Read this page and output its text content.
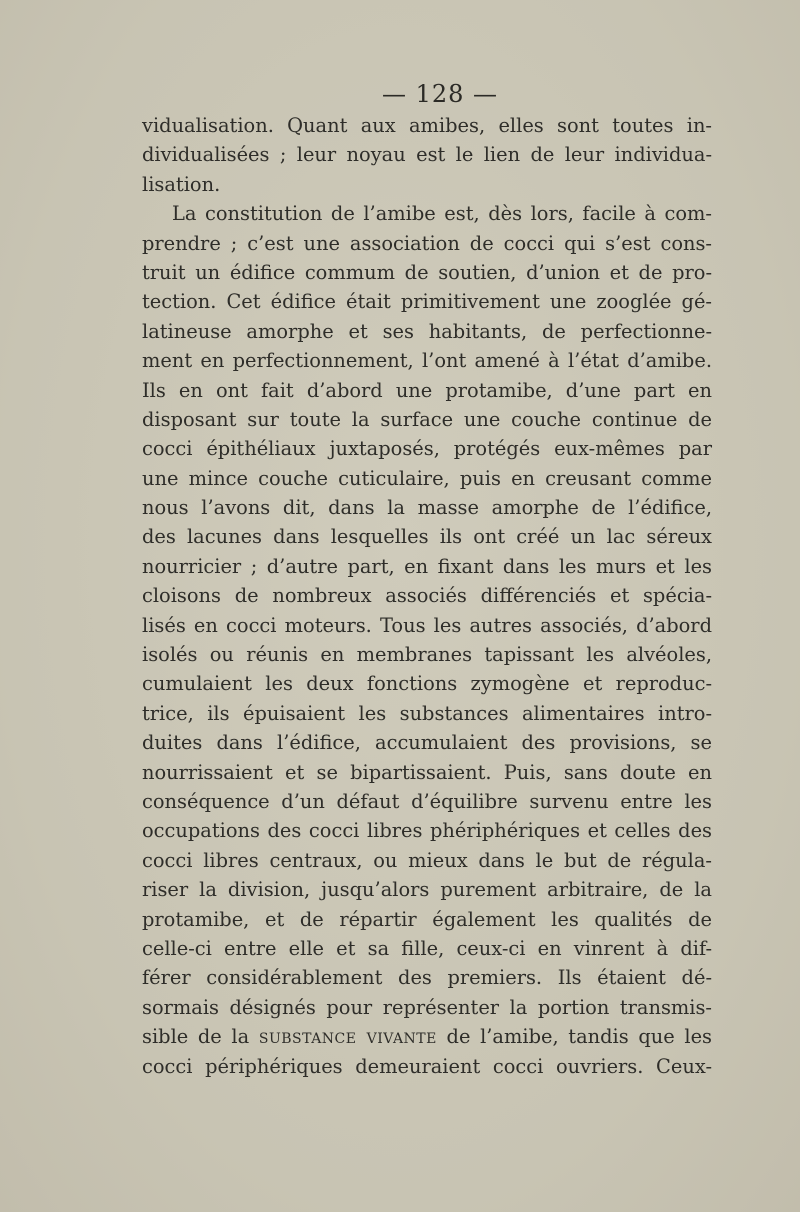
— 128 —
vidualisation. Quant aux amibes, elles sont toutes in-
dividualisées ; leur noyau est le lien de leur individua-
lisation.
La constitution de l’amibe est, dès lors, facile à com-
prendre ; c’est une association de cocci qui s’est cons-
truit un édifice commum de soutien, d’union et de pro-
tection. Cet édifice était primitivement une zooglée gé-
latineuse amorphe et ses habitants, de perfectionne-
ment en perfectionnement, l’ont amené à l’état d’amibe.
Ils en ont fait d’abord une protamibe, d’une part en
disposant sur toute la surface une couche continue de
cocci épithéliaux juxtaposés, protégés eux-mêmes par
une mince couche cuticulaire, puis en creusant comme
nous l’avons dit, dans la masse amorphe de l’édifice,
des lacunes dans lesquelles ils ont créé un lac séreux
nourricier ; d’autre part, en fixant dans les murs et les
cloisons de nombreux associés différenciés et spécia-
lisés en cocci moteurs. Tous les autres associés, d’abord
isolés ou réunis en membranes tapissant les alvéoles,
cumulaient les deux fonctions zymogène et reproduc-
trice, ils épuisaient les substances alimentaires intro-
duites dans l’édifice, accumulaient des provisions, se
nourrissaient et se bipartissaient. Puis, sans doute en
conséquence d’un défaut d’équilibre survenu entre les
occupations des cocci libres phériphériques et celles des
cocci libres centraux, ou mieux dans le but de régula-
riser la division, jusqu’alors purement arbitraire, de la
protamibe, et de répartir également les qualités de
celle-ci entre elle et sa fille, ceux-ci en vinrent à dif-
férer considérablement des premiers. Ils étaient dé-
sormais désignés pour représenter la portion transmis-
sible de la substance vivante de l’amibe, tandis que les
cocci périphériques demeuraient cocci ouvriers. Ceux-
